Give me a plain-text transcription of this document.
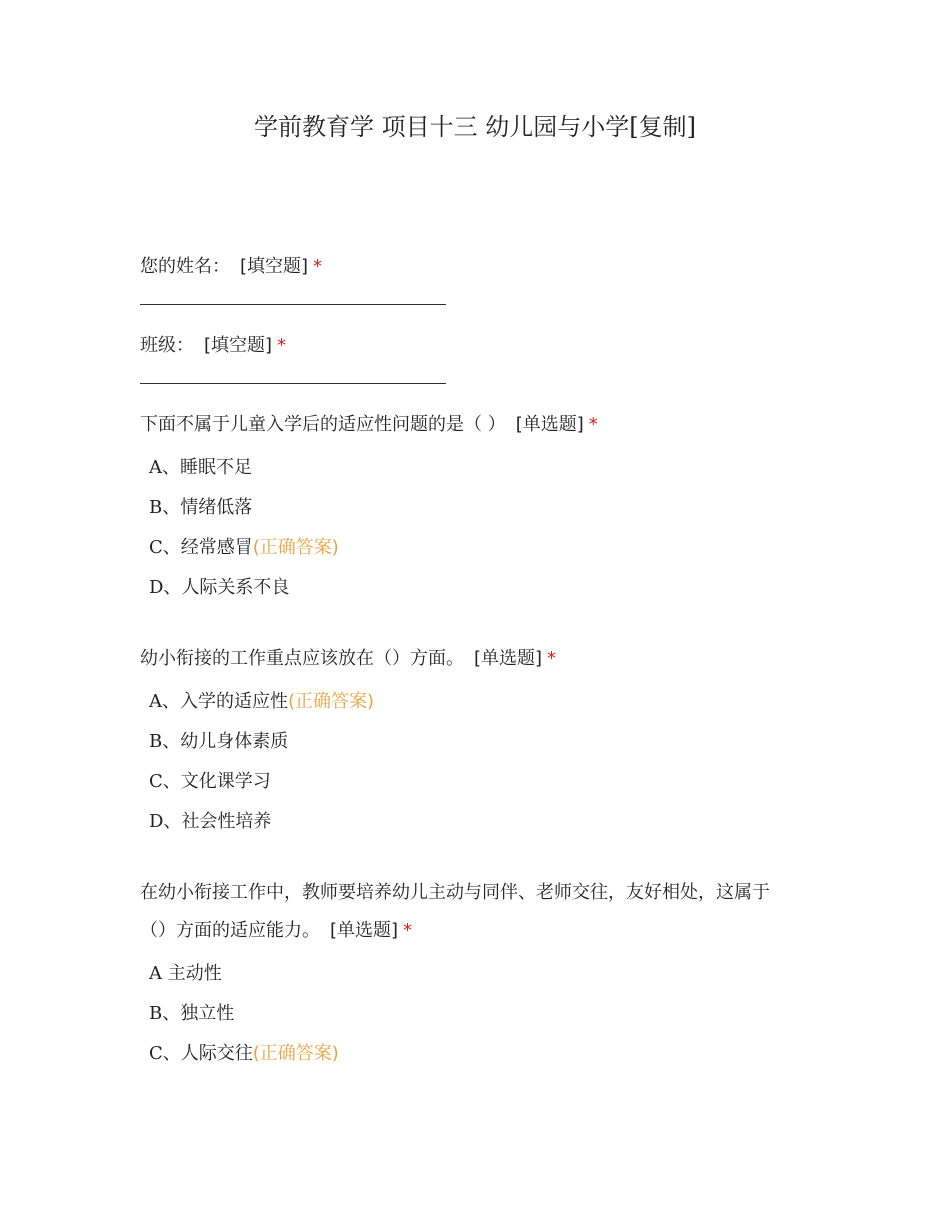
学前教育学 项目十三 幼儿园与小学[复制]

您的姓名： [填空题] *

班级： [填空题] *

下面不属于儿童入学后的适应性问题的是（ ） [单选题] *

A、睡眠不足
B、情绪低落
C、经常感冒(正确答案)
D、人际关系不良

幼小衔接的工作重点应该放在（）方面。 [单选题] *

A、入学的适应性(正确答案)
B、幼儿身体素质
C、文化课学习
D、社会性培养

在幼小衔接工作中，教师要培养幼儿主动与同伴、老师交往，友好相处，这属于
（）方面的适应能力。 [单选题] *

A 主动性
B、独立性
C、人际交往(正确答案)
